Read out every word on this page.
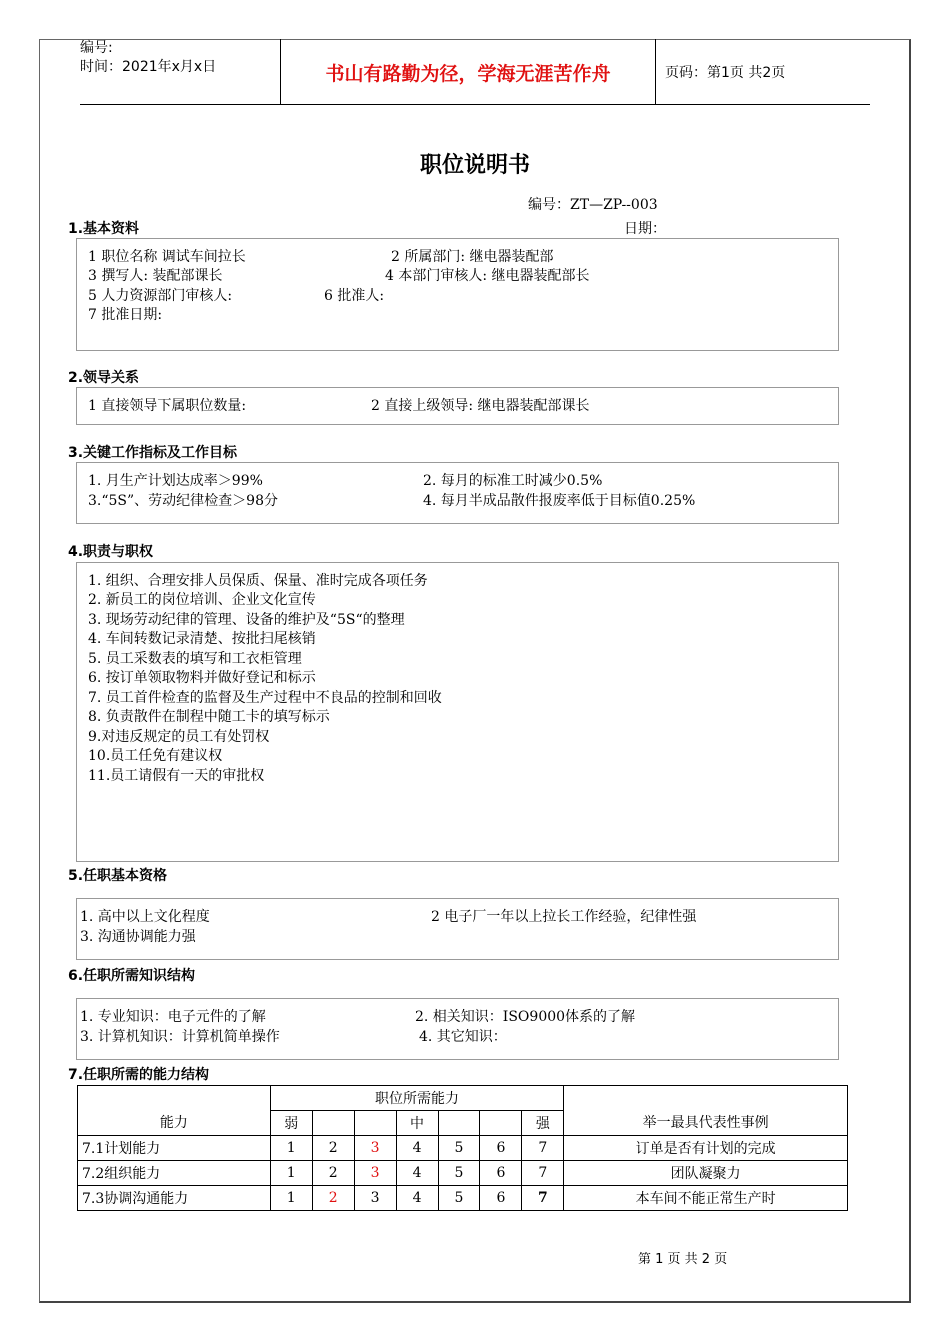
编号:
时间：2021年x月x日	书山有路勤为径，学海无涯苦作舟	页码：第1页 共2页
职位说明书
编号：ZT—ZP--003
日期：
1.基本资料
1 职位名称 调试车间拉长	2 所属部门: 继电器装配部
3 撰写人: 装配部课长	4 本部门审核人: 继电器装配部长
5 人力资源部门审核人:	6 批准人:
7 批准日期:
2.领导关系
1 直接领导下属职位数量:	2 直接上级领导: 继电器装配部课长
3.关键工作指标及工作目标
1. 月生产计划达成率＞99%	2. 每月的标准工时减少0.5%
3.“5S”、劳动纪律检查＞98分	4. 每月半成品散件报废率低于目标值0.25%
4.职责与职权
1. 组织、合理安排人员保质、保量、准时完成各项任务
2. 新员工的岗位培训、企业文化宣传
3. 现场劳动纪律的管理、设备的维护及“5S“的整理
4. 车间转数记录清楚、按批扫尾核销
5. 员工采数表的填写和工衣柜管理
6. 按订单领取物料并做好登记和标示
7. 员工首件检查的监督及生产过程中不良品的控制和回收
8. 负责散件在制程中随工卡的填写标示
9.对违反规定的员工有处罚权
10.员工任免有建议权
11.员工请假有一天的审批权
5.任职基本资格
1. 高中以上文化程度	2 电子厂一年以上拉长工作经验，纪律性强
3. 沟通协调能力强
6.任职所需知识结构
1. 专业知识：电子元件的了解	2. 相关知识：ISO9000体系的了解
3. 计算机知识：计算机简单操作	4. 其它知识：
7.任职所需的能力结构
能力	职位所需能力							举一最具代表性事例
	弱			中			强	
7.1计划能力	1	2	3	4	5	6	7	订单是否有计划的完成
7.2组织能力	1	2	3	4	5	6	7	团队凝聚力
7.3协调沟通能力	1	2	3	4	5	6	7	本车间不能正常生产时
第 1 页 共 2 页
